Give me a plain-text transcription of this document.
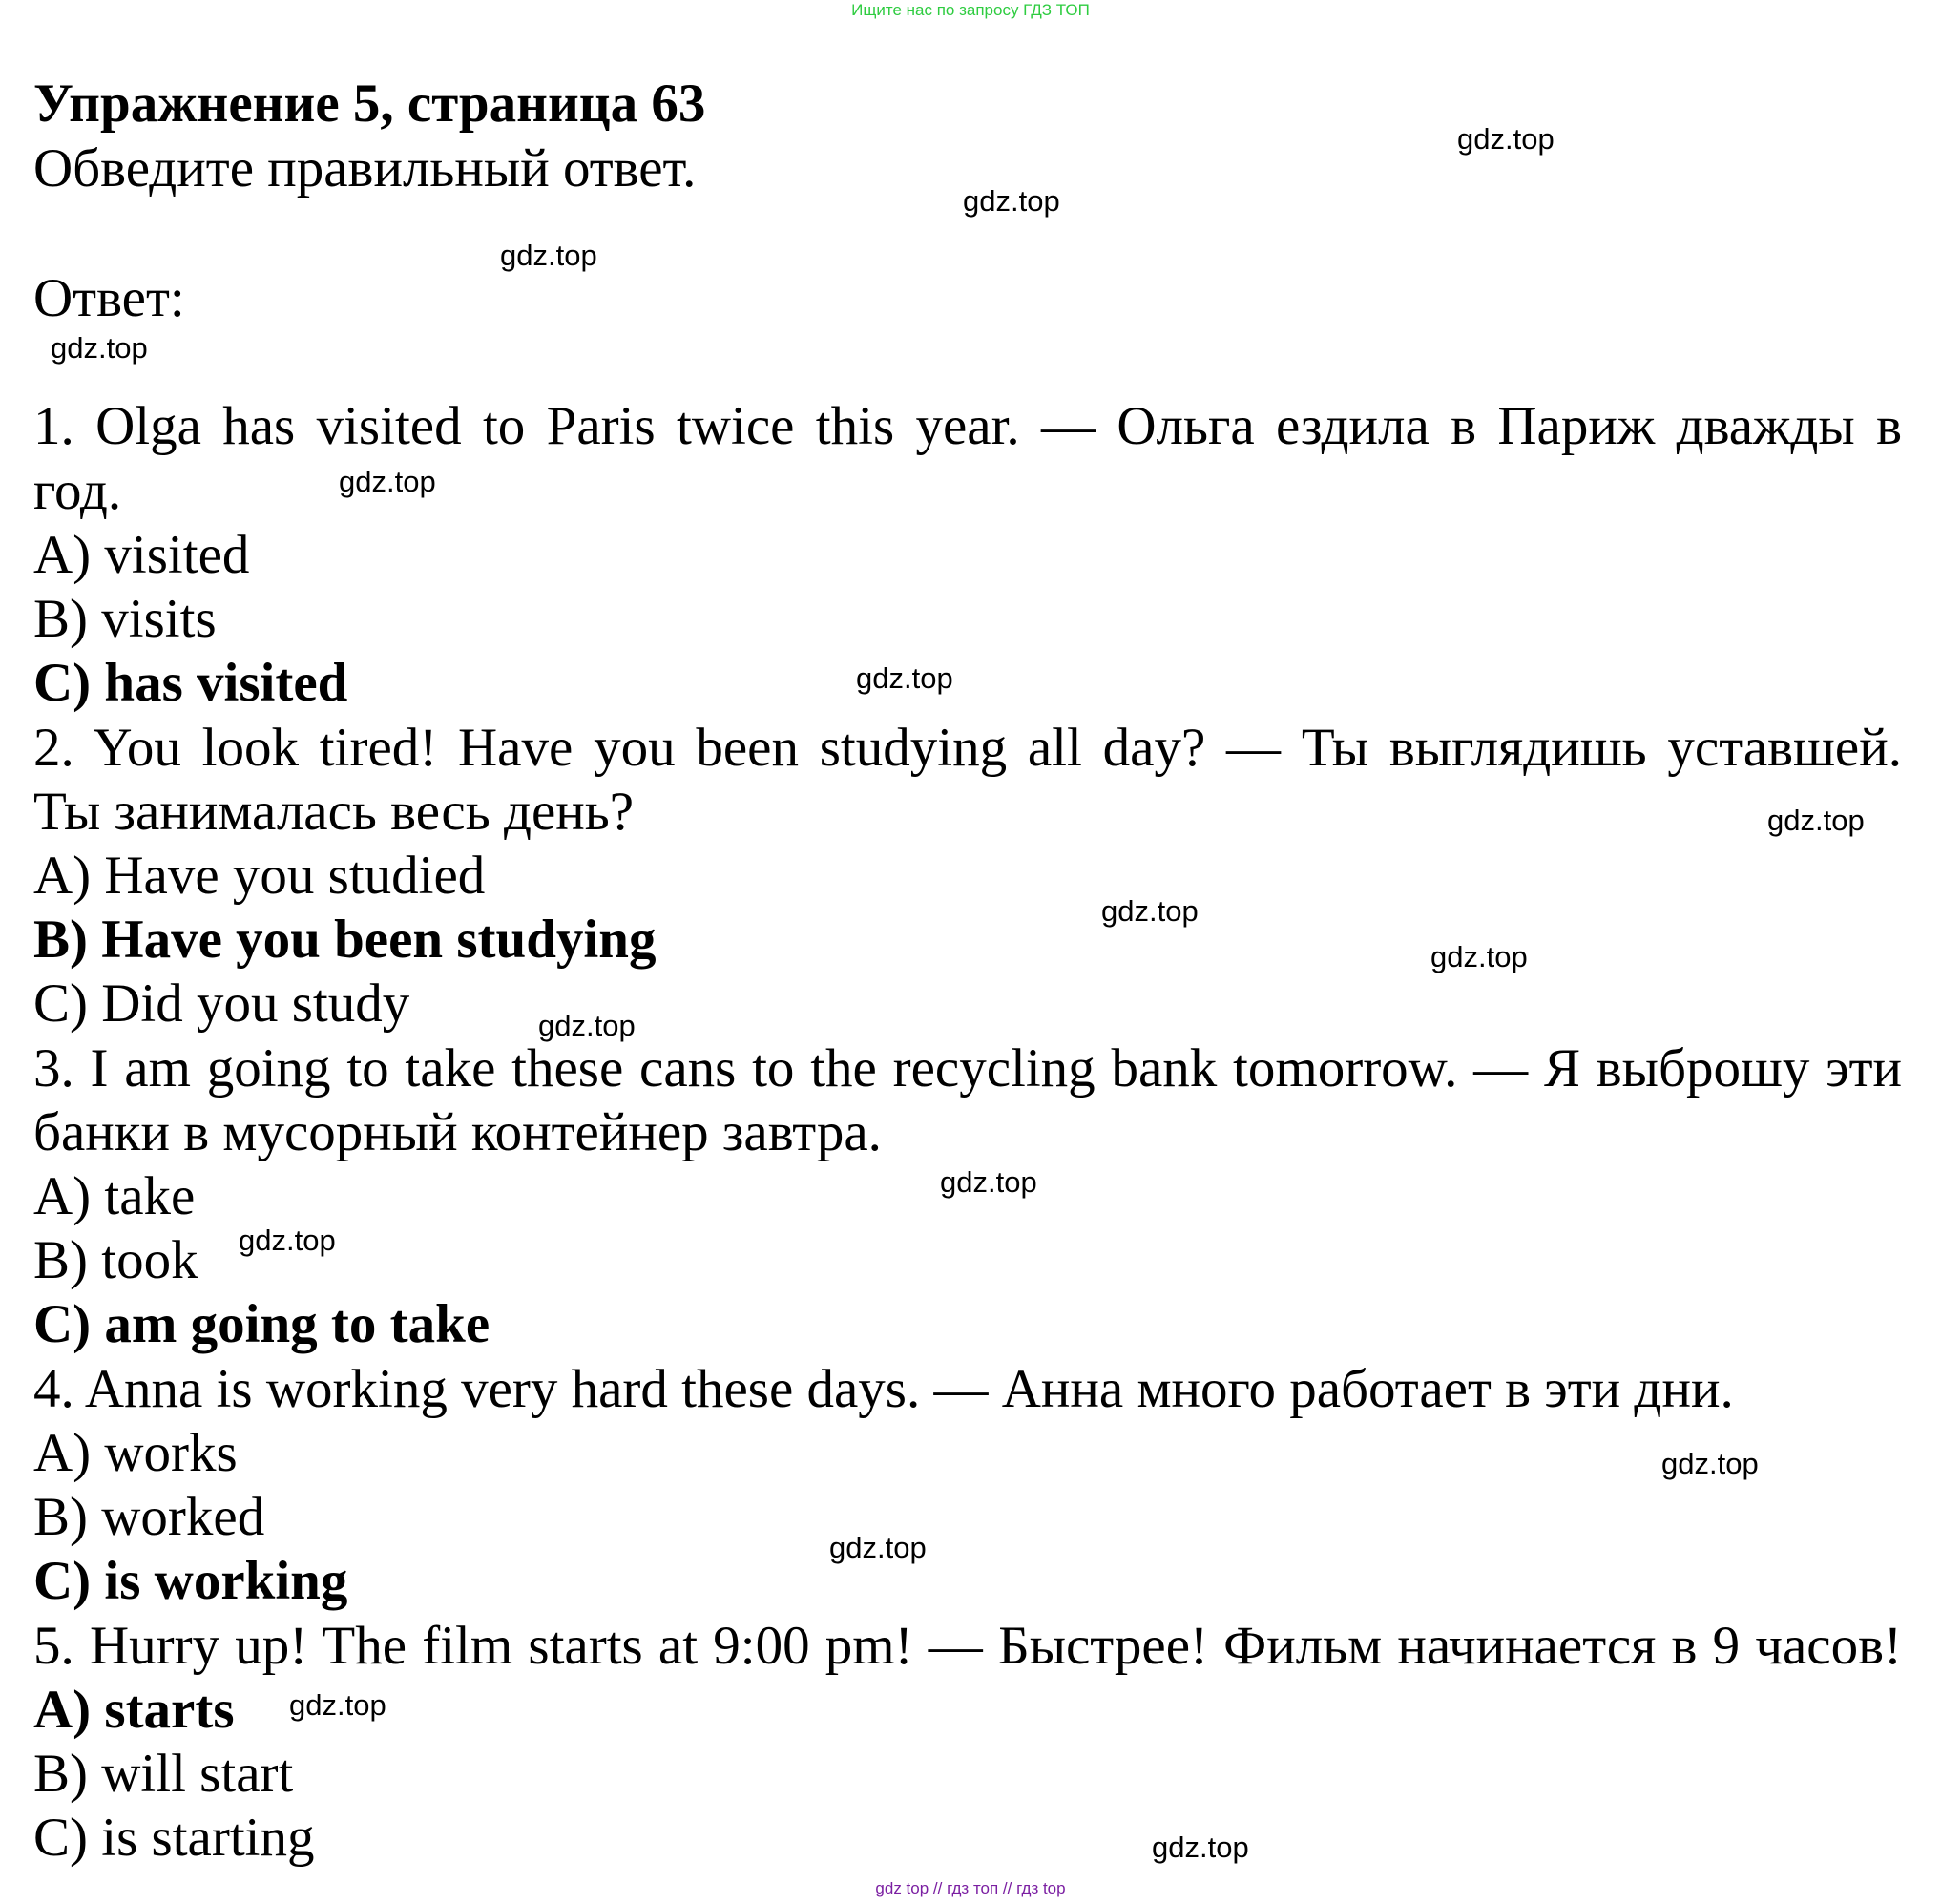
Ищите нас по запросу ГДЗ ТОП
Упражнение 5, страница 63
Обведите правильный ответ.
Ответ:
1. Olga has visited to Paris twice this year. — Ольга ездила в Париж дважды в
год.
A) visited
B) visits
C) has visited
2. You look tired! Have you been studying all day? — Ты выглядишь уставшей.
Ты занималась весь день?
A) Have you studied
B) Have you been studying
C) Did you study
3. I am going to take these cans to the recycling bank tomorrow. — Я выброшу эти
банки в мусорный контейнер завтра.
A) take
B) took
C) am going to take
4. Anna is working very hard these days. — Анна много работает в эти дни.
A) works
B) worked
C) is working
5. Hurry up! The film starts at 9:00 pm! — Быстрее! Фильм начинается в 9 часов!
A) starts
B) will start
C) is starting
gdz.top
gdz.top
gdz.top
gdz.top
gdz.top
gdz.top
gdz.top
gdz.top
gdz.top
gdz.top
gdz.top
gdz.top
gdz.top
gdz.top
gdz.top
gdz.top
gdz top // гдз топ // гдз top
